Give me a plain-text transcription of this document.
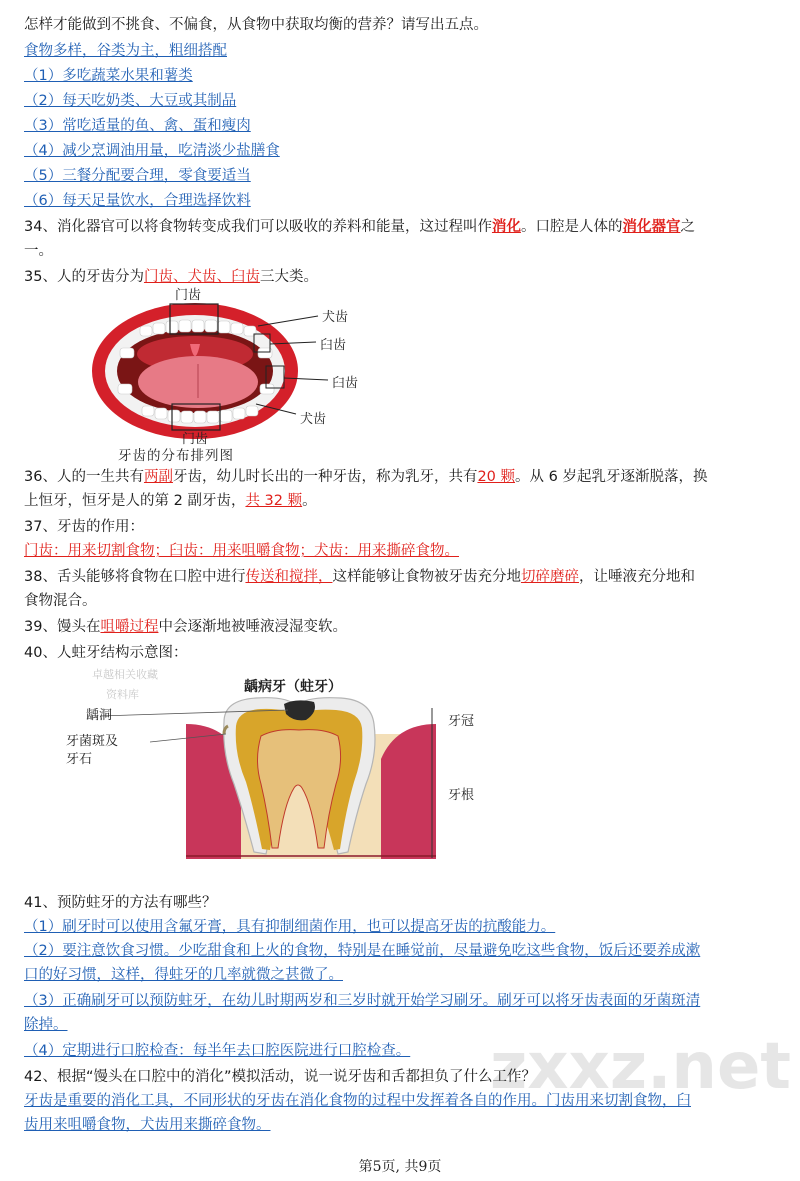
怎样才能做到不挑食、不偏食，从食物中获取均衡的营养？请写出五点。
食物多样，谷类为主，粗细搭配
（1）多吃蔬菜水果和薯类
（2）每天吃奶类、大豆或其制品
（3）常吃适量的鱼、禽、蛋和瘦肉
（4）减少烹调油用量，吃清淡少盐膳食
（5）三餐分配要合理，零食要适当
（6）每天足量饮水，合理选择饮料
34、消化器官可以将食物转变成我们可以吸收的养料和能量，这过程叫作消化。口腔是人体的消化器官之
一。
35、人的牙齿分为门齿、犬齿、臼齿三大类。
门齿
犬齿
臼齿
臼齿
犬齿
门齿
牙齿的分布排列图
36、人的一生共有两副牙齿，幼儿时长出的一种牙齿，称为乳牙，共有20 颗。从 6 岁起乳牙逐渐脱落，换
上恒牙，恒牙是人的第 2 副牙齿，共 32 颗。
37、牙齿的作用：
门齿：用来切割食物；臼齿：用来咀嚼食物；犬齿：用来撕碎食物。
38、舌头能够将食物在口腔中进行传送和搅拌，这样能够让食物被牙齿充分地切碎磨碎，让唾液充分地和
食物混合。
39、馒头在咀嚼过程中会逐渐地被唾液浸湿变软。
40、人蛀牙结构示意图：
卓越相关收藏
资料库	龋病牙（蛀牙）
龋洞
牙菌斑及
牙石
牙冠
牙根
41、预防蛀牙的方法有哪些？
（1）刷牙时可以使用含氟牙膏，具有抑制细菌作用，也可以提高牙齿的抗酸能力。
（2）要注意饮食习惯。少吃甜食和上火的食物，特别是在睡觉前，尽量避免吃这些食物，饭后还要养成漱
口的好习惯，这样，得蛀牙的几率就微之甚微了。
（3）正确刷牙可以预防蛀牙，在幼儿时期两岁和三岁时就开始学习刷牙。刷牙可以将牙齿表面的牙菌斑清
除掉。
（4）定期进行口腔检查：每半年去口腔医院进行口腔检查。 zxxz.net
42、根据“馒头在口腔中的消化”模拟活动，说一说牙齿和舌都担负了什么工作？
牙齿是重要的消化工具，不同形状的牙齿在消化食物的过程中发挥着各自的作用。门齿用来切割食物，臼
齿用来咀嚼食物，犬齿用来撕碎食物。
第5页, 共9页
